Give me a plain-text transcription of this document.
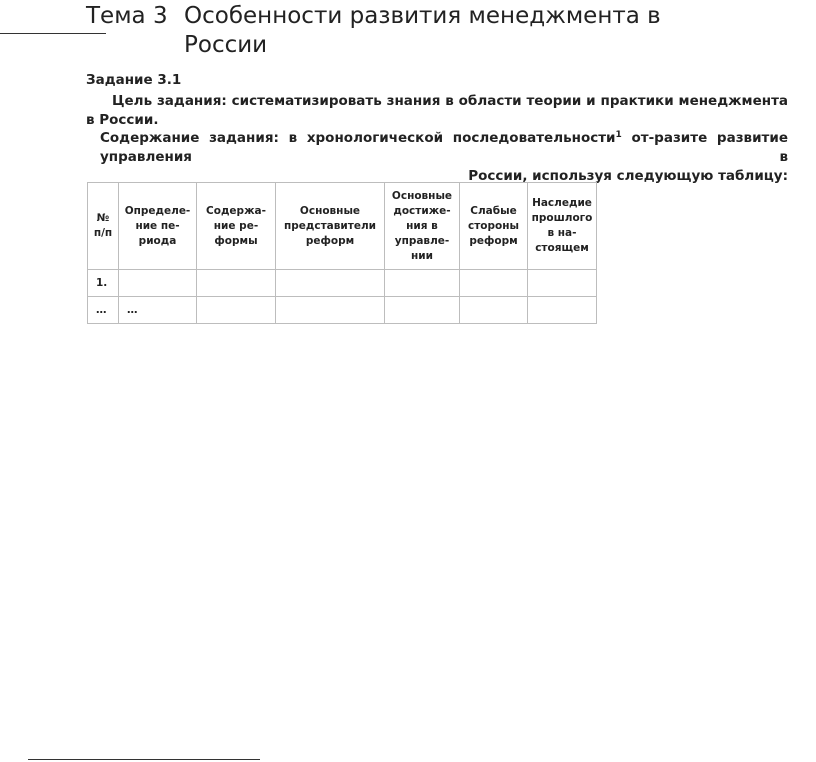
Тема 3 Особенности развития менеджмента в
России
Задание 3.1
Цель задания: систематизировать знания в области теории и практики менеджмента в России.
Содержание задания: в хронологической последовательности$^1$ от-разите развитие управления в
России, используя следующую таблицу:
№ п/п	Определе-ние пе-риода	Содержа-ние ре-формы	Основные представители реформ	Основные достиже-ния в управле-нии	Слабые стороны реформ	Наследие прошлого в на-стоящем
1.						
…	…					
